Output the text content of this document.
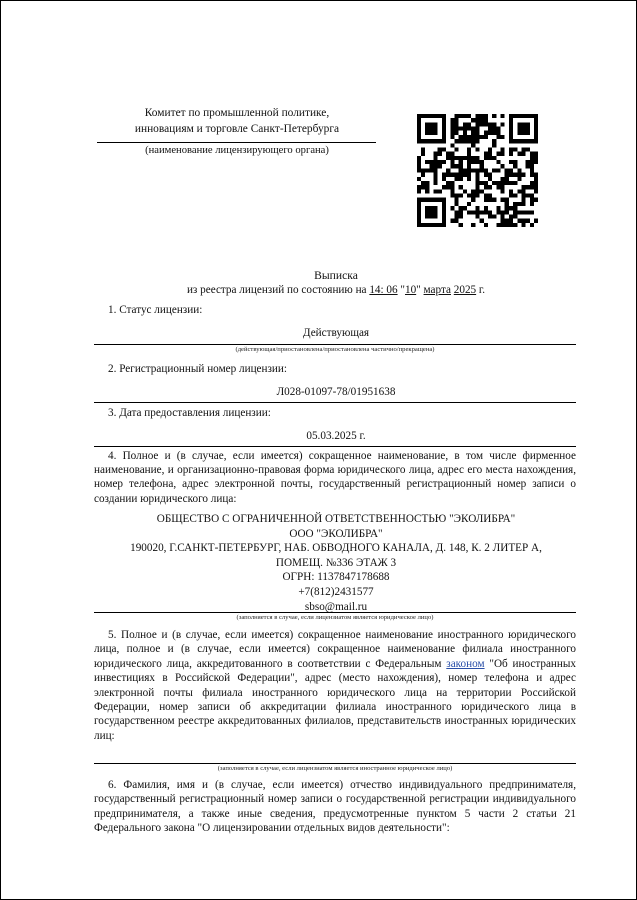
Комитет по промышленной политике,
инновациям и торговле Санкт-Петербурга
(наименование лицензирующего органа)
Выписка
из реестра лицензий по состоянию на 14: 06 "10" марта 2025 г.
1. Статус лицензии:
Действующая
(действующая/приостановлена/приостановлена частично/прекращена)
2. Регистрационный номер лицензии:
Л028-01097-78/01951638
3. Дата предоставления лицензии:
05.03.2025 г.
4. Полное и (в случае, если имеется) сокращенное наименование, в том числе фирменное наименование, и организационно-правовая форма юридического лица, адрес его места нахождения, номер телефона, адрес электронной почты, государственный регистрационный номер записи о создании юридического лица:
ОБЩЕСТВО С ОГРАНИЧЕННОЙ ОТВЕТСТВЕННОСТЬЮ "ЭКОЛИБРА"
ООО "ЭКОЛИБРА"
190020, Г.САНКТ-ПЕТЕРБУРГ, НАБ. ОБВОДНОГО КАНАЛА, Д. 148, К. 2 ЛИТЕР А,
ПОМЕЩ. №336 ЭТАЖ 3
ОГРН: 1137847178688
+7(812)2431577
sbso@mail.ru
(заполняется в случае, если лицензиатом является юридическое лицо)
5. Полное и (в случае, если имеется) сокращенное наименование иностранного юридического лица, полное и (в случае, если имеется) сокращенное наименование филиала иностранного юридического лица, аккредитованного в соответствии с Федеральным законом "Об иностранных инвестициях в Российской Федерации", адрес (место нахождения), номер телефона и адрес электронной почты филиала иностранного юридического лица на территории Российской Федерации, номер записи об аккредитации филиала иностранного юридического лица в государственном реестре аккредитованных филиалов, представительств иностранных юридических лиц:
(заполняется в случае, если лицензиатом является иностранное юридическое лицо)
6. Фамилия, имя и (в случае, если имеется) отчество индивидуального предпринимателя, государственный регистрационный номер записи о государственной регистрации индивидуального предпринимателя, а также иные сведения, предусмотренные пунктом 5 части 2 статьи 21 Федерального закона "О лицензировании отдельных видов деятельности":
